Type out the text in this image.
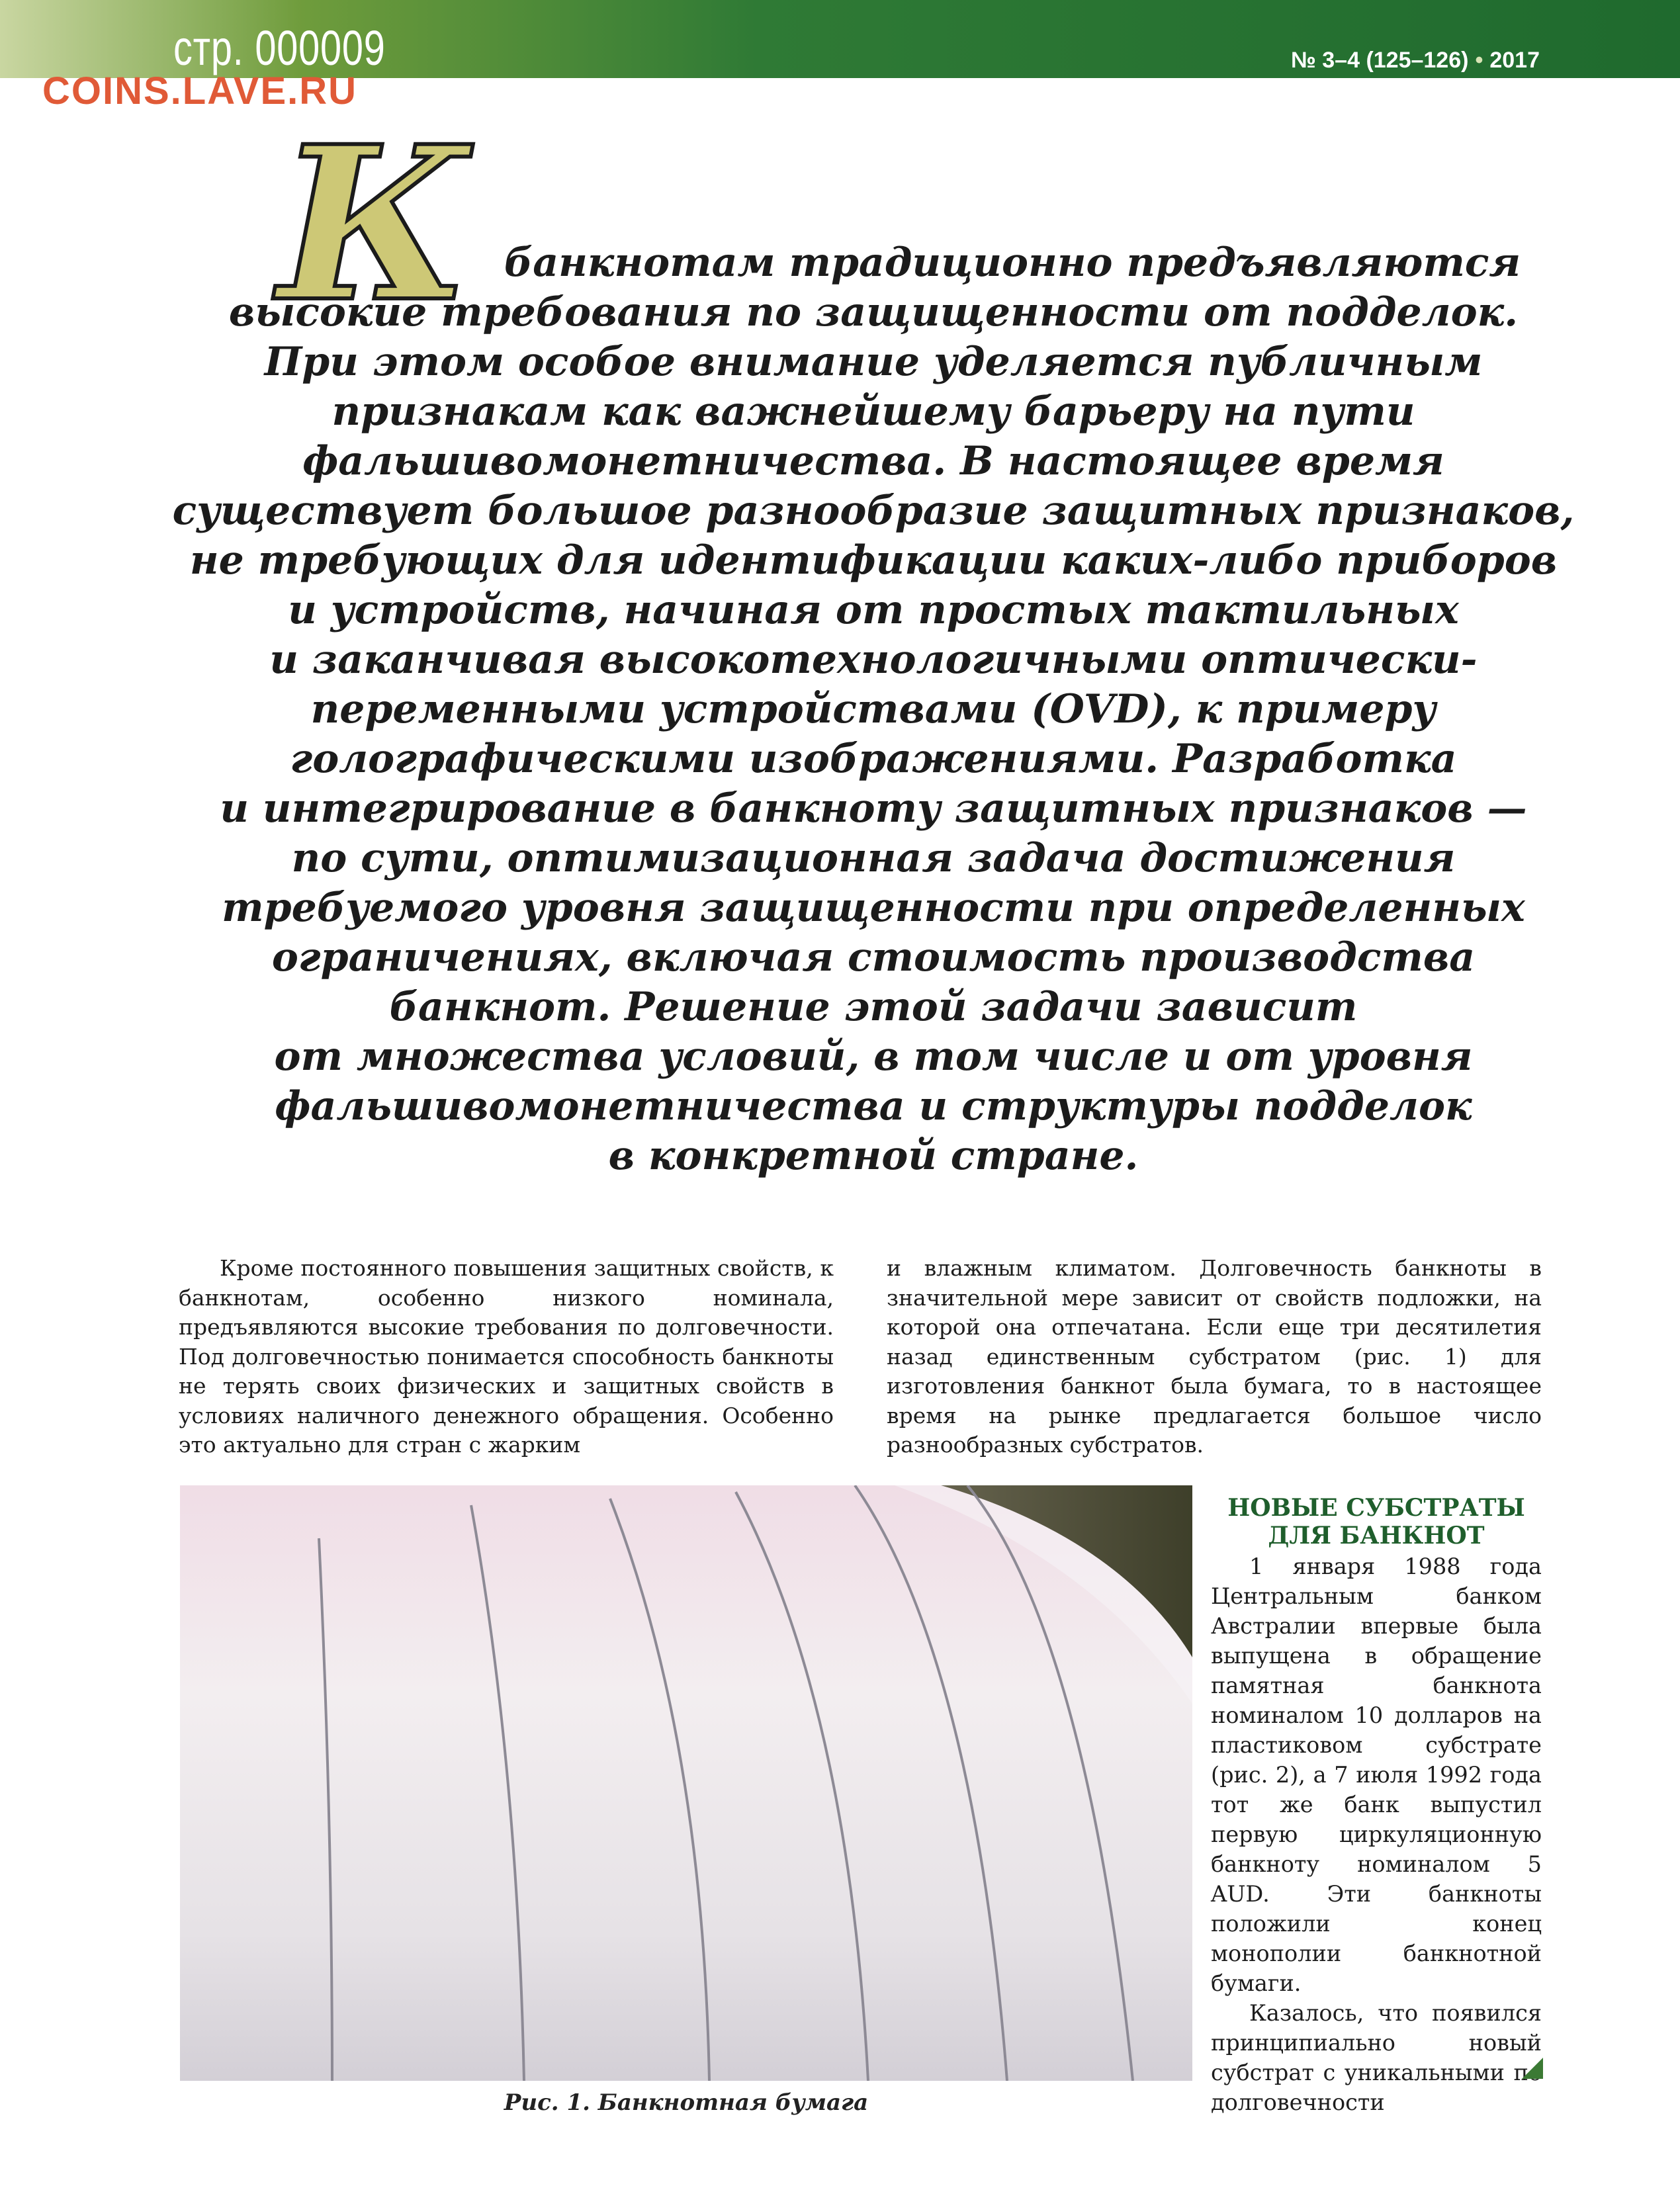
стр. 000009	№ 3–4 (125–126) • 2017
COINS.LAVE.RU
К банкнотам традиционно предъявляются
высокие требования по защищенности от подделок.
При этом особое внимание уделяется публичным
признакам как важнейшему барьеру на пути
фальшивомонетничества. В настоящее время
существует большое разнообразие защитных признаков,
не требующих для идентификации каких-либо приборов
и устройств, начиная от простых тактильных
и заканчивая высокотехнологичными оптически-
переменными устройствами (OVD), к примеру
голографическими изображениями. Разработка
и интегрирование в банкноту защитных признаков —
по сути, оптимизационная задача достижения
требуемого уровня защищенности при определенных
ограничениях, включая стоимость производства
банкнот. Решение этой задачи зависит
от множества условий, в том числе и от уровня
фальшивомонетничества и структуры подделок
в конкретной стране.
Кроме постоянного повышения защитных свойств, к банкнотам, особенно низкого номинала, предъявляются высокие требования по долговечности. Под долговечностью понимается способность банкноты не терять своих физических и защитных свойств в условиях наличного денежного обращения. Особенно это актуально для стран с жарким
и влажным климатом. Долговечность банкноты в значительной мере зависит от свойств подложки, на которой она отпечатана. Если еще три десятилетия назад единственным субстратом (рис. 1) для изготовления банкнот была бумага, то в настоящее время на рынке предлагается большое число разнообразных субстратов.
Рис. 1. Банкнотная бумага
НОВЫЕ СУБСТРАТЫ
ДЛЯ БАНКНОТ

1 января 1988 года Центральным банком Австралии впервые была выпущена в обращение памятная банкнота номиналом 10 долларов на пластиковом субстрате (рис. 2), а 7 июля 1992 года тот же банк выпустил первую циркуляционную банкноту номиналом 5 AUD. Эти банкноты положили конец монополии банкнотной бумаги.

Казалось, что появился принципиально новый субстрат с уникальными по долговечности
